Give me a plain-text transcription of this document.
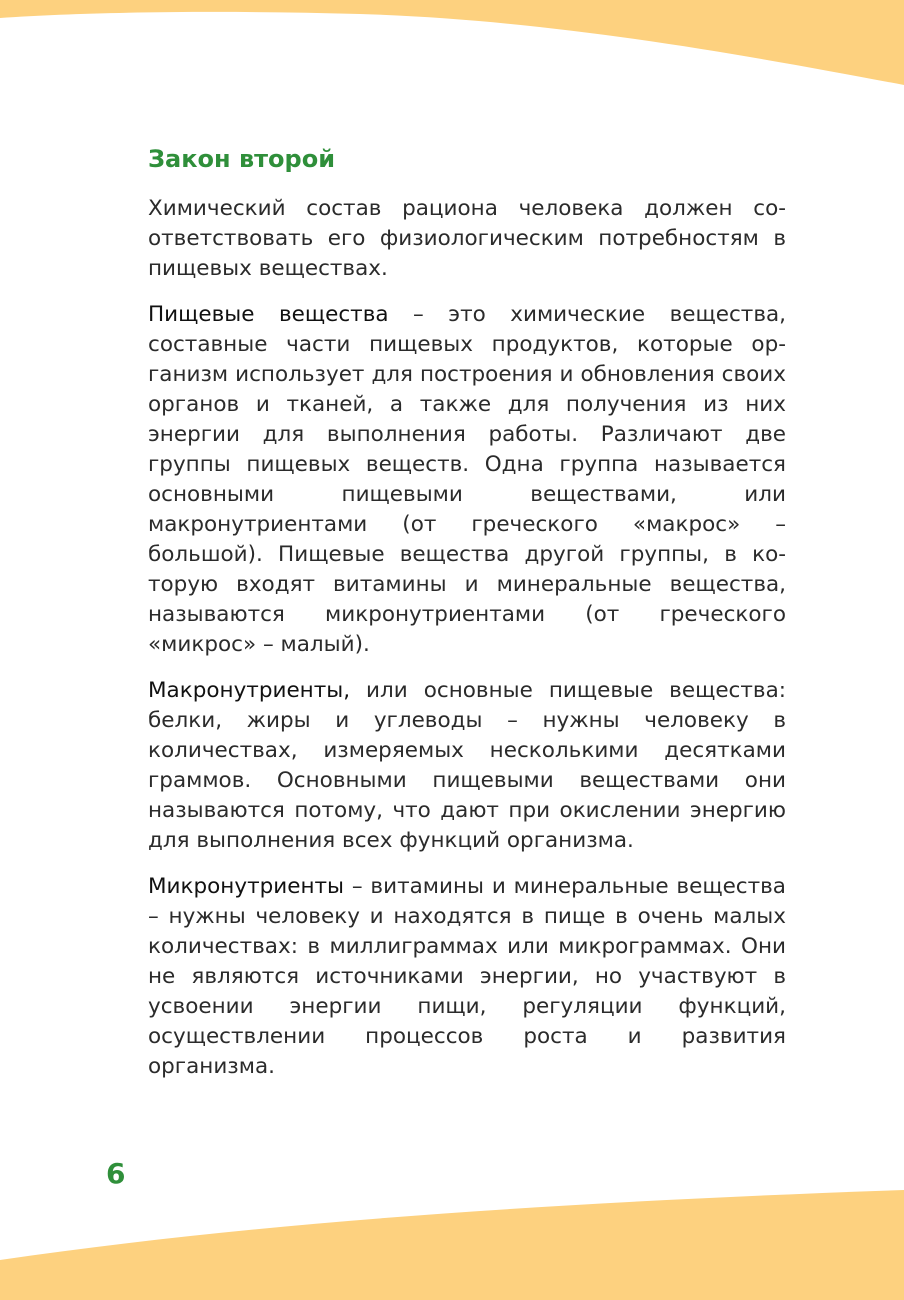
Закон второй

Химический состав рациона человека должен соответствовать его физиологическим потребностям в пищевых веществах.

Пищевые вещества – это химические вещества, составные части пищевых продуктов, которые организм использует для построения и обновления своих органов и тканей, а также для получения из них энергии для выполнения работы. Различают две группы пищевых веществ. Одна группа называется основными пищевыми веществами, или макронутриентами (от греческого «макрос» – большой). Пищевые вещества другой группы, в которую входят витамины и минеральные вещества, называются микронутриентами (от греческого «микрос» – малый).

Макронутриенты, или основные пищевые вещества: белки, жиры и углеводы – нужны человеку в количествах, измеряемых несколькими десятками граммов. Основными пищевыми веществами они называются потому, что дают при окислении энергию для выполнения всех функций организма.

Микронутриенты – витамины и минеральные вещества – нужны человеку и находятся в пище в очень малых количествах: в миллиграммах или микрограммах. Они не являются источниками энергии, но участвуют в усвоении энергии пищи, регуляции функций, осуществлении процессов роста и развития организма.

6
